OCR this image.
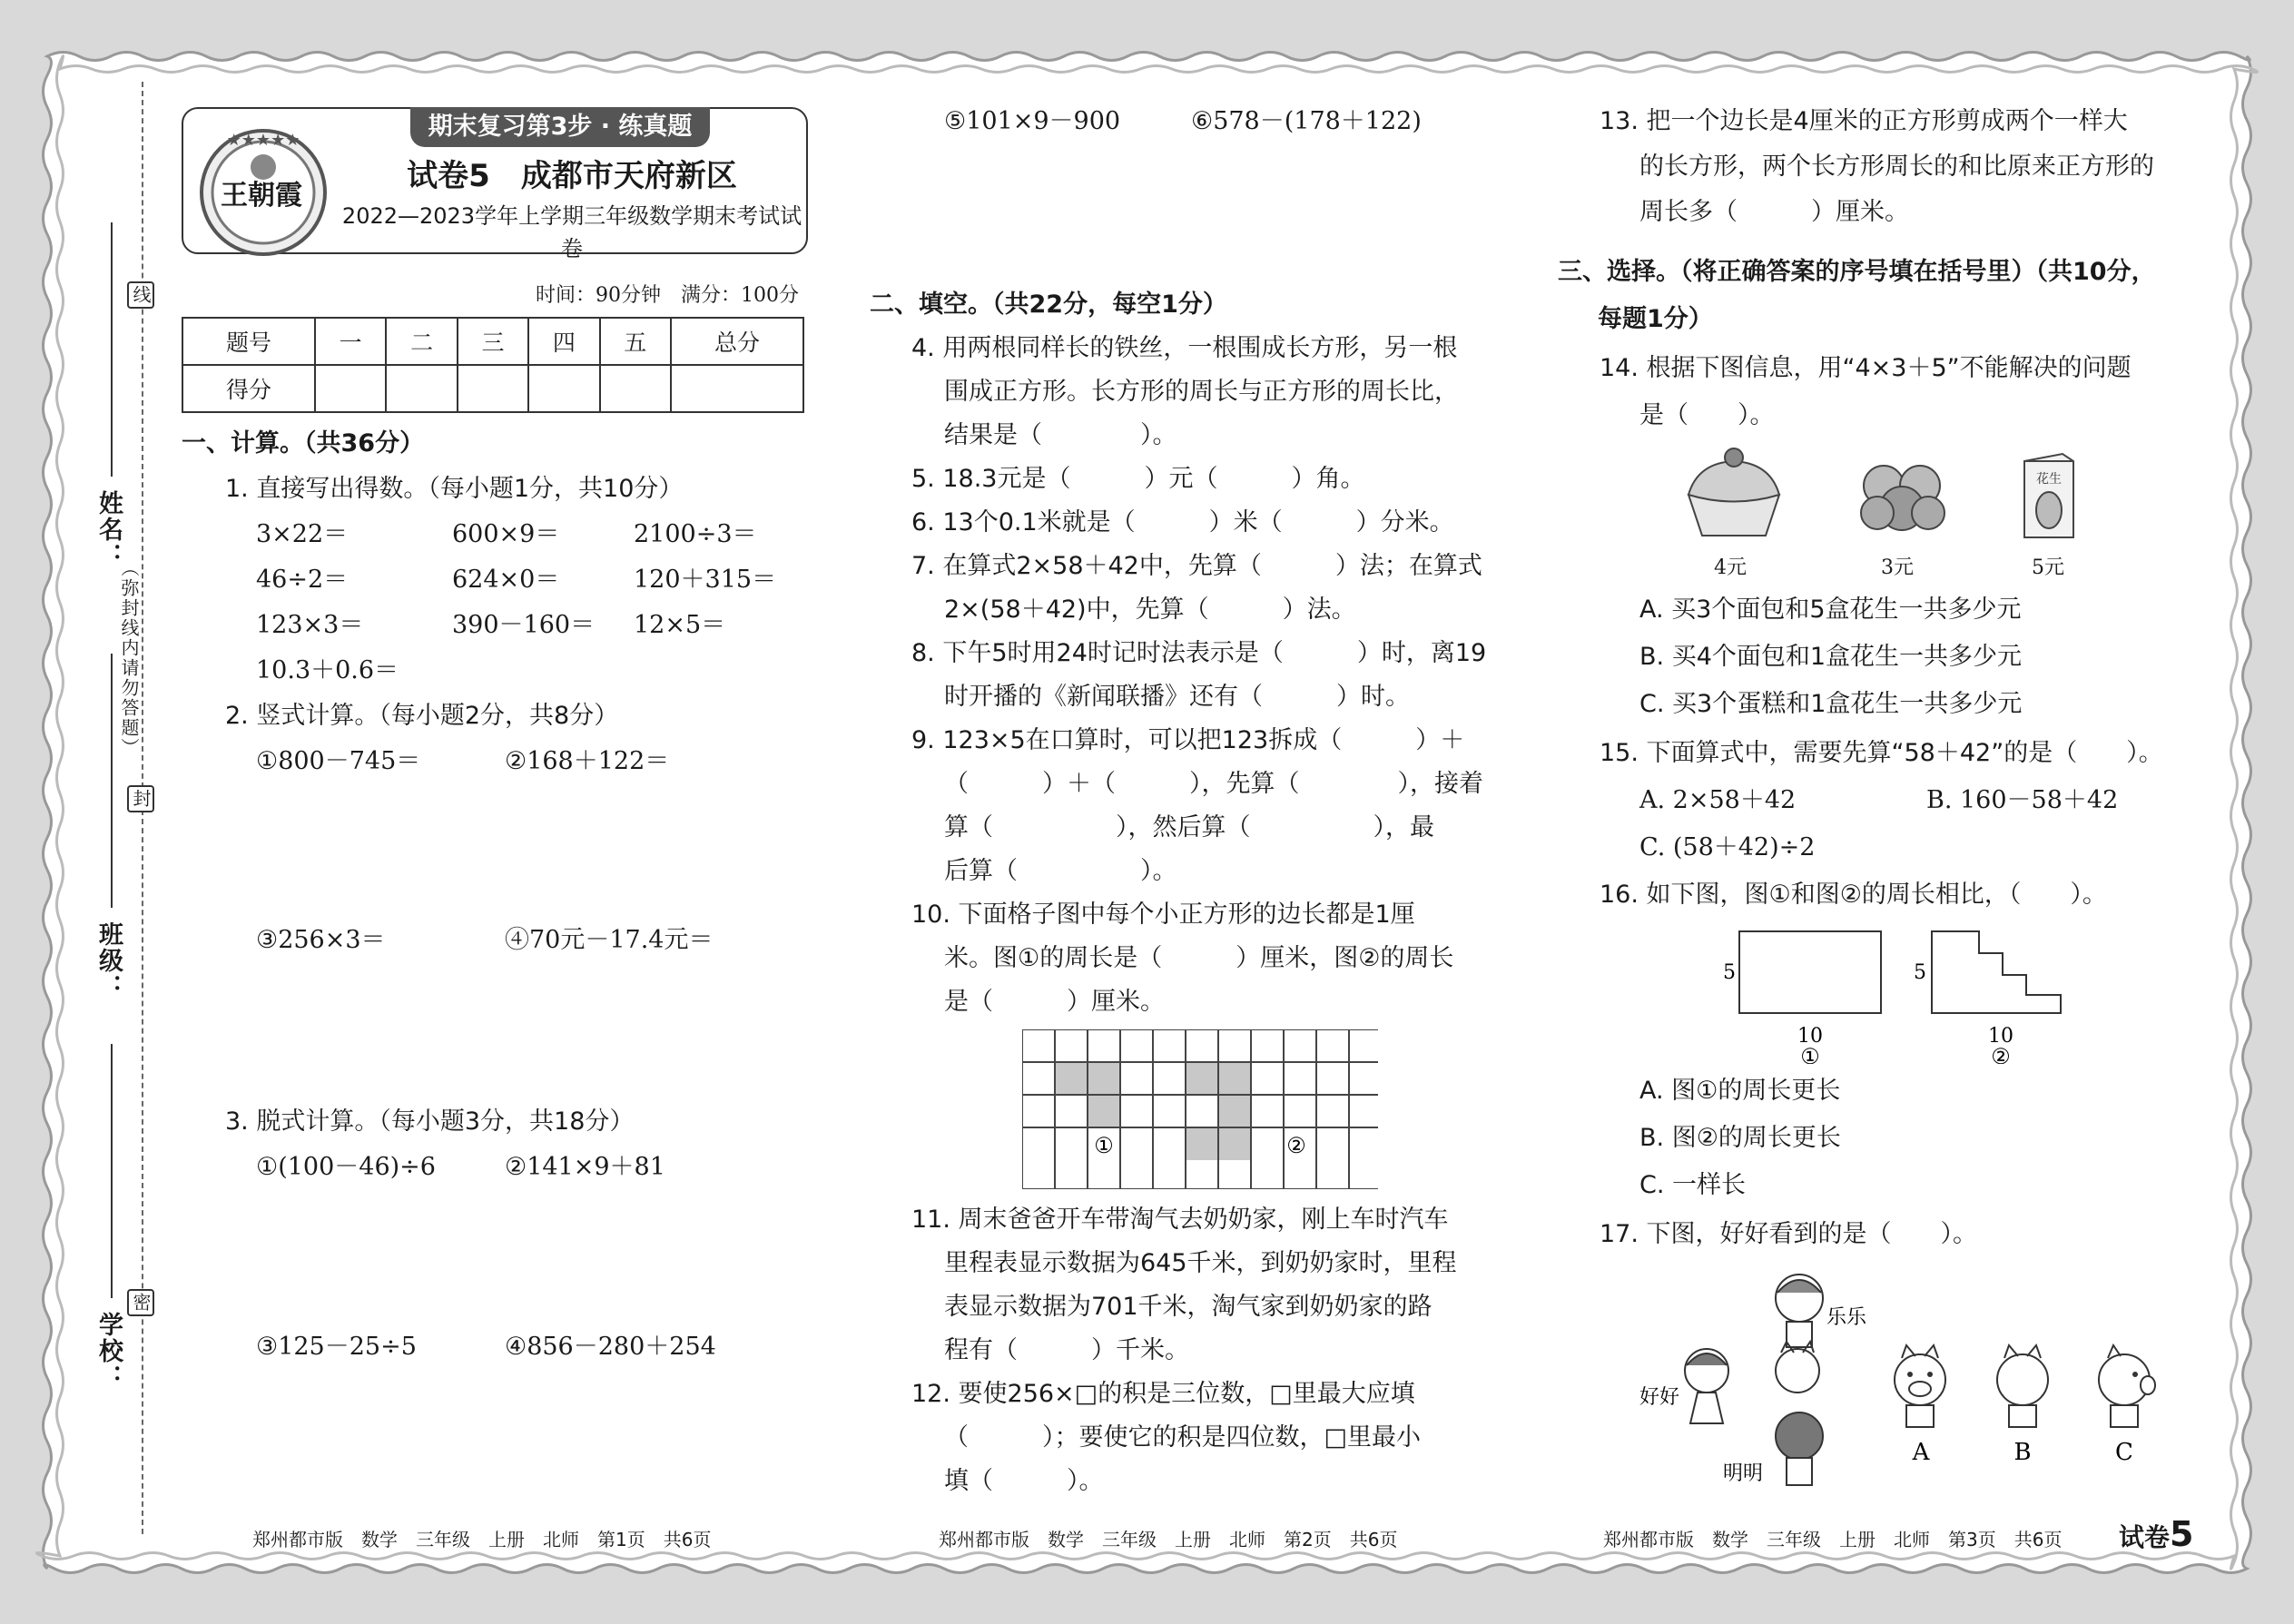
线
封
密
（弥封线内请勿答题）
姓名：
班级：
学校：
期末复习第3步 · 练真题
★★★★★
王朝霞
试卷5　成都市天府新区
2022—2023学年上学期三年级数学期末考试试卷
时间：90分钟　满分：100分
题号	一	二	三	四	五	总分
得分						
一、计算。（共36分）
1. 直接写出得数。（每小题1分，共10分）
3×22＝	600×9＝	2100÷3＝
46÷2＝	624×0＝	120＋315＝
123×3＝	390－160＝ 12×5＝
10.3＋0.6＝
2. 竖式计算。（每小题2分，共8分）
①800－745＝	②168＋122＝
③256×3＝	④70元－17.4元＝
3. 脱式计算。（每小题3分，共18分）
①(100－46)÷6	②141×9＋81
③125－25÷5	④856－280＋254
⑤101×9－900	⑥578－(178＋122)
二、填空。（共22分，每空1分）
4. 用两根同样长的铁丝，一根围成长方形，另一根
围成正方形。长方形的周长与正方形的周长比，
结果是（　　　　）。
5. 18.3元是（　　　）元（　　　）角。
6. 13个0.1米就是（　　　）米（　　　）分米。
7. 在算式2×58＋42中，先算（　　　）法；在算式
2×(58＋42)中，先算（　　　）法。
8. 下午5时用24时记时法表示是（　　　）时，离19
时开播的《新闻联播》还有（　　　）时。
9. 123×5在口算时，可以把123拆成（　　　）＋
（　　　）＋（　　　），先算（　　　　），接着
算（　　　　　），然后算（　　　　　），最
后算（　　　　　）。
10. 下面格子图中每个小正方形的边长都是1厘
米。图①的周长是（　　　）厘米，图②的周长
是（　　　）厘米。
①	②
11. 周末爸爸开车带淘气去奶奶家，刚上车时汽车
里程表显示数据为645千米，到奶奶家时，里程
表显示数据为701千米，淘气家到奶奶家的路
程有（　　　）千米。
12. 要使256×□的积是三位数，□里最大应填
（　　　）；要使它的积是四位数，□里最小
填（　　　）。
13. 把一个边长是4厘米的正方形剪成两个一样大
的长方形，两个长方形周长的和比原来正方形的
周长多（　　　）厘米。
三、选择。（将正确答案的序号填在括号里）（共10分，
每题1分）
14. 根据下图信息，用“4×3＋5”不能解决的问题
是（　　）。
花生
4元	3元	5元
A. 买3个面包和5盒花生一共多少元
B. 买4个面包和1盒花生一共多少元
C. 买3个蛋糕和1盒花生一共多少元
15. 下面算式中，需要先算“58＋42”的是（　　）。
A. 2×58＋42	B. 160－58＋42
C. (58＋42)÷2
16. 如下图，图①和图②的周长相比，（　　）。
5
10
①
5
10
②
A. 图①的周长更长
B. 图②的周长更长
C. 一样长
17. 下图，好好看到的是（　　）。
乐乐
好好
明明
A	B	C
郑州都市版　数学　三年级　上册　北师　第1页　共6页	郑州都市版　数学　三年级　上册　北师　第2页　共6页	郑州都市版　数学　三年级　上册　北师　第3页　共6页 试卷5
